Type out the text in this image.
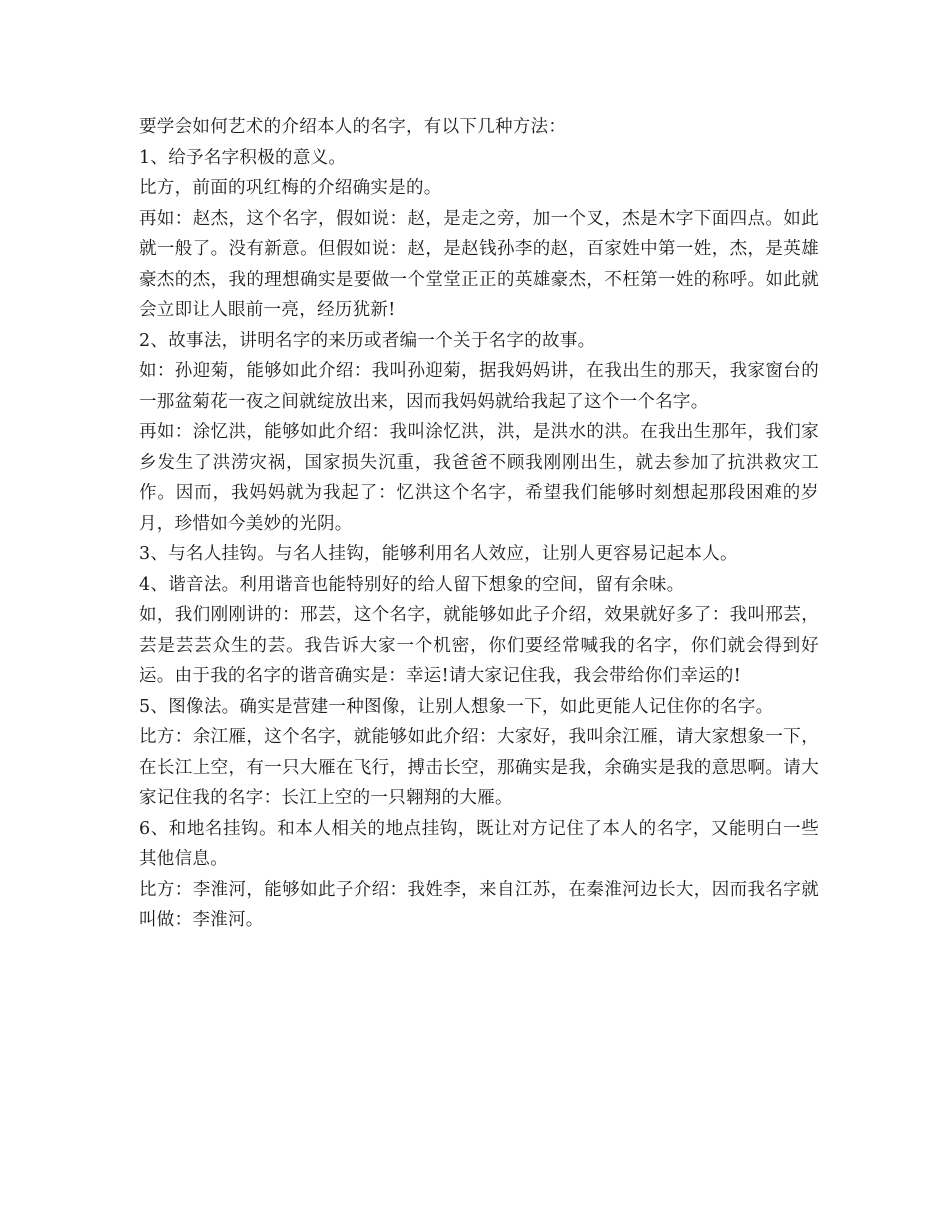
要学会如何艺术的介绍本人的名字，有以下几种方法：

1、给予名字积极的意义。

比方，前面的巩红梅的介绍确实是的。

再如：赵杰，这个名字，假如说：赵，是走之旁，加一个叉，杰是木字下面四点。如此就一般了。没有新意。但假如说：赵，是赵钱孙李的赵，百家姓中第一姓，杰，是英雄豪杰的杰，我的理想确实是要做一个堂堂正正的英雄豪杰，不枉第一姓的称呼。如此就会立即让人眼前一亮，经历犹新!

2、故事法，讲明名字的来历或者编一个关于名字的故事。

如：孙迎菊，能够如此介绍：我叫孙迎菊，据我妈妈讲，在我出生的那天，我家窗台的一那盆菊花一夜之间就绽放出来，因而我妈妈就给我起了这个一个名字。

再如：涂忆洪，能够如此介绍：我叫涂忆洪，洪，是洪水的洪。在我出生那年，我们家乡发生了洪涝灾祸，国家损失沉重，我爸爸不顾我刚刚出生，就去参加了抗洪救灾工作。因而，我妈妈就为我起了：忆洪这个名字，希望我们能够时刻想起那段困难的岁月，珍惜如今美妙的光阴。

3、与名人挂钩。与名人挂钩，能够利用名人效应，让别人更容易记起本人。

4、谐音法。利用谐音也能特别好的给人留下想象的空间，留有余味。

如，我们刚刚讲的：邢芸，这个名字，就能够如此子介绍，效果就好多了：我叫邢芸，芸是芸芸众生的芸。我告诉大家一个机密，你们要经常喊我的名字，你们就会得到好运。由于我的名字的谐音确实是：幸运!请大家记住我，我会带给你们幸运的!

5、图像法。确实是营建一种图像，让别人想象一下，如此更能人记住你的名字。

比方：余江雁，这个名字，就能够如此介绍：大家好，我叫余江雁，请大家想象一下，在长江上空，有一只大雁在飞行，搏击长空，那确实是我，余确实是我的意思啊。请大家记住我的名字：长江上空的一只翱翔的大雁。

6、和地名挂钩。和本人相关的地点挂钩，既让对方记住了本人的名字，又能明白一些其他信息。

比方：李淮河，能够如此子介绍：我姓李，来自江苏，在秦淮河边长大，因而我名字就叫做：李淮河。
